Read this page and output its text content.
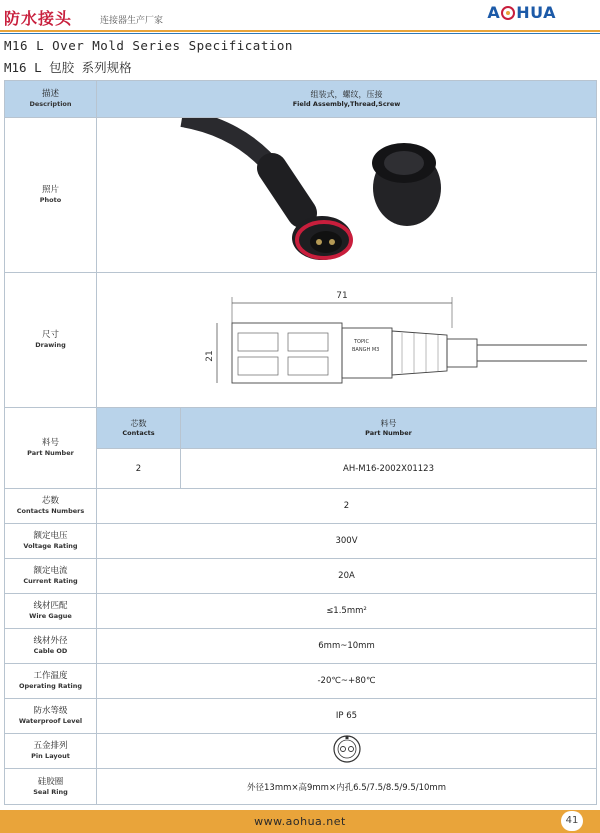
防水接头	连接器生产厂家	A HUA
M16 L Over Mold Series Specification
M16 L 包胶 系列规格
描述
Description	组装式，螺纹，压接
Field Assembly,Thread,Screw	

照片
Photo

尺寸
Drawing	71
21
TOPIC
BANGH M3	

料号
Part Number	芯数
Contacts	料号
Part Number

	2	AH-M16-2002X01123

芯数
Contacts Numbers	2	

额定电压
Voltage Rating	300V	

额定电流
Current Rating	20A	

线材匹配
Wire Gague	≤1.5mm²	

线材外径
Cable OD	6mm~10mm	

工作温度
Operating Rating	-20℃~+80℃	

防水等级
Waterproof Level	IP 65	

五金排列
Pin Layout

硅胶圈
Seal Ring	外径13mm×高9mm×内孔6.5/7.5/8.5/9.5/10mm	
www.aohua.net	41
